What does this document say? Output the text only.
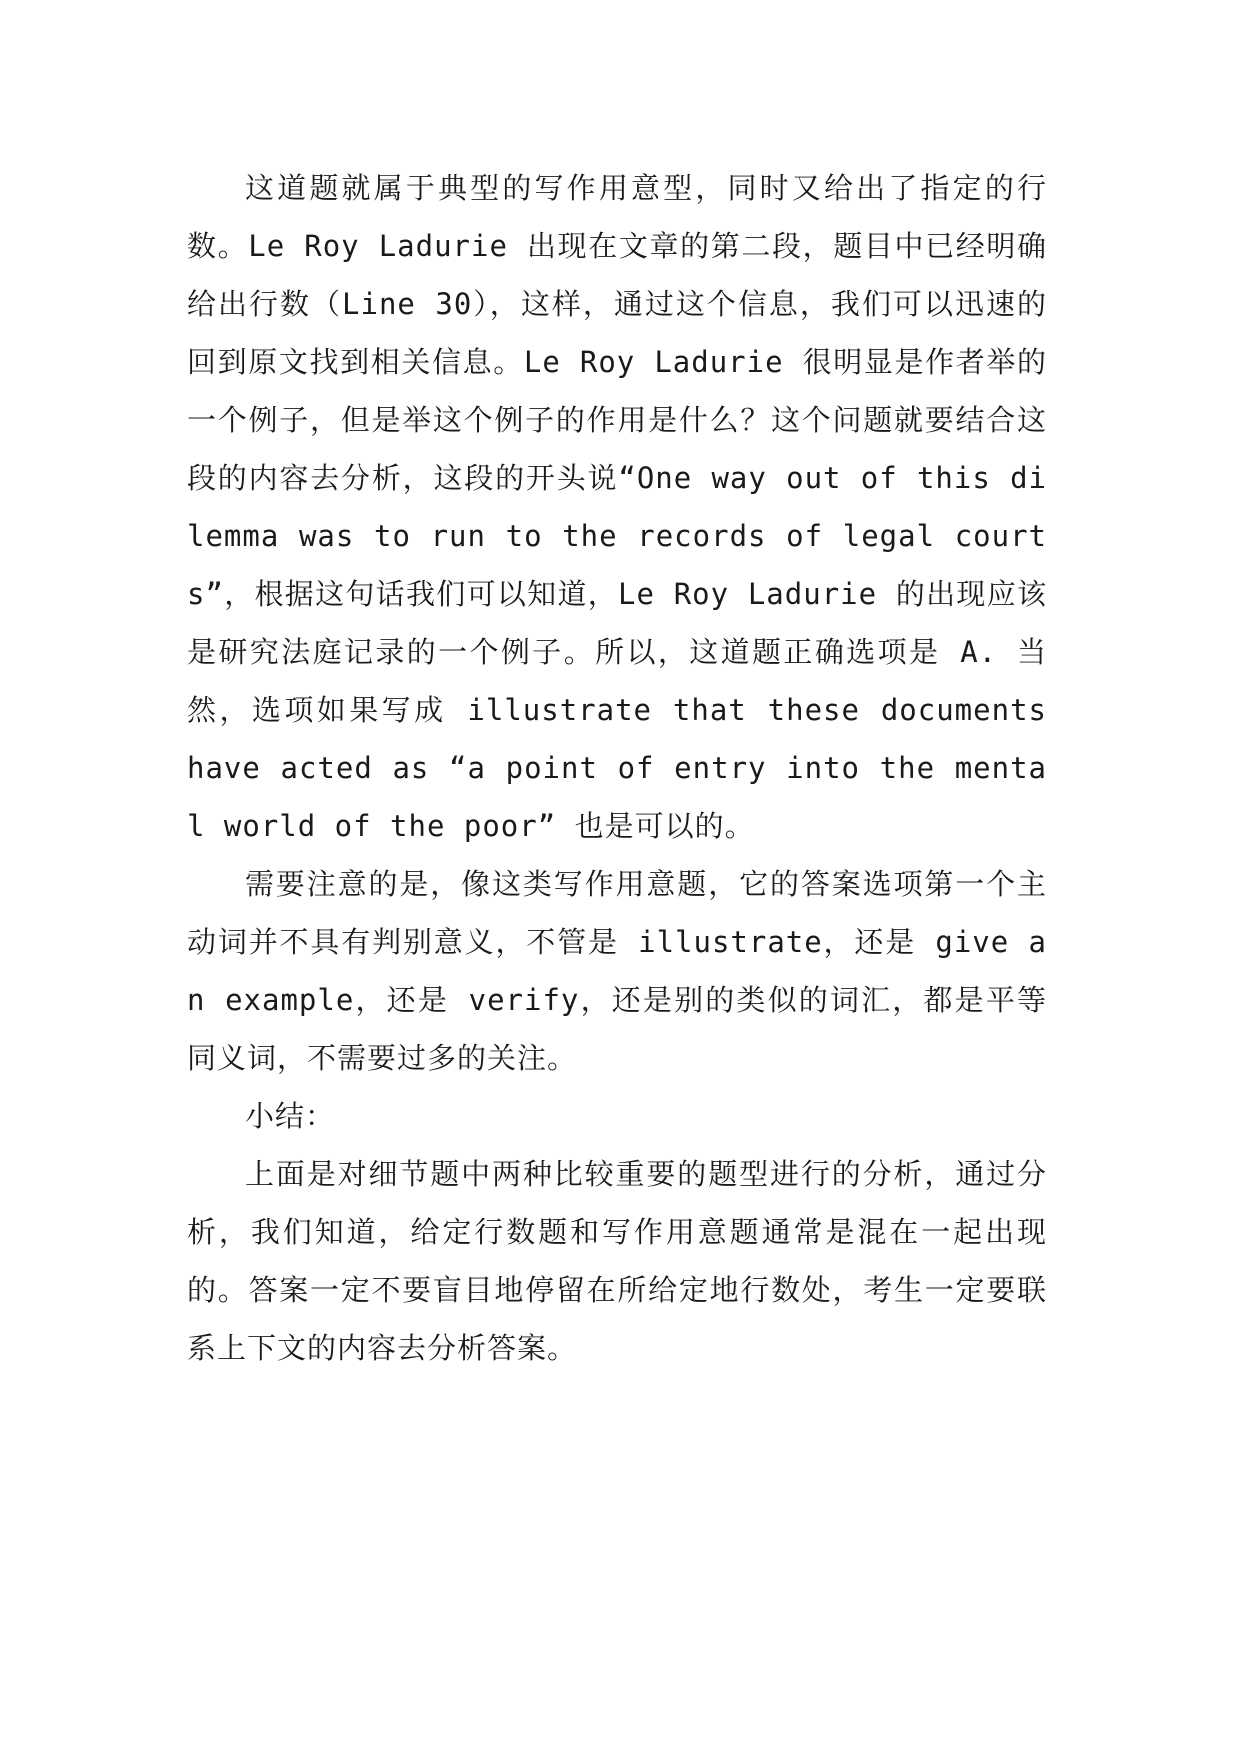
这道题就属于典型的写作用意型，同时又给出了指定的行数。Le Roy Ladurie 出现在文章的第二段，题目中已经明确给出行数（Line 30），这样，通过这个信息，我们可以迅速的回到原文找到相关信息。Le Roy Ladurie 很明显是作者举的一个例子，但是举这个例子的作用是什么？这个问题就要结合这段的内容去分析，这段的开头说“One way out of this dilemma was to run to the records of legal courts”，根据这句话我们可以知道，Le Roy Ladurie 的出现应该是研究法庭记录的一个例子。所以，这道题正确选项是 A. 当然，选项如果写成 illustrate that these documents have acted as “a point of entry into the mental world of the poor” 也是可以的。

需要注意的是，像这类写作用意题，它的答案选项第一个主动词并不具有判别意义，不管是 illustrate，还是 give an example，还是 verify，还是别的类似的词汇，都是平等同义词，不需要过多的关注。

小结：

上面是对细节题中两种比较重要的题型进行的分析，通过分析，我们知道，给定行数题和写作用意题通常是混在一起出现的。答案一定不要盲目地停留在所给定地行数处，考生一定要联系上下文的内容去分析答案。
